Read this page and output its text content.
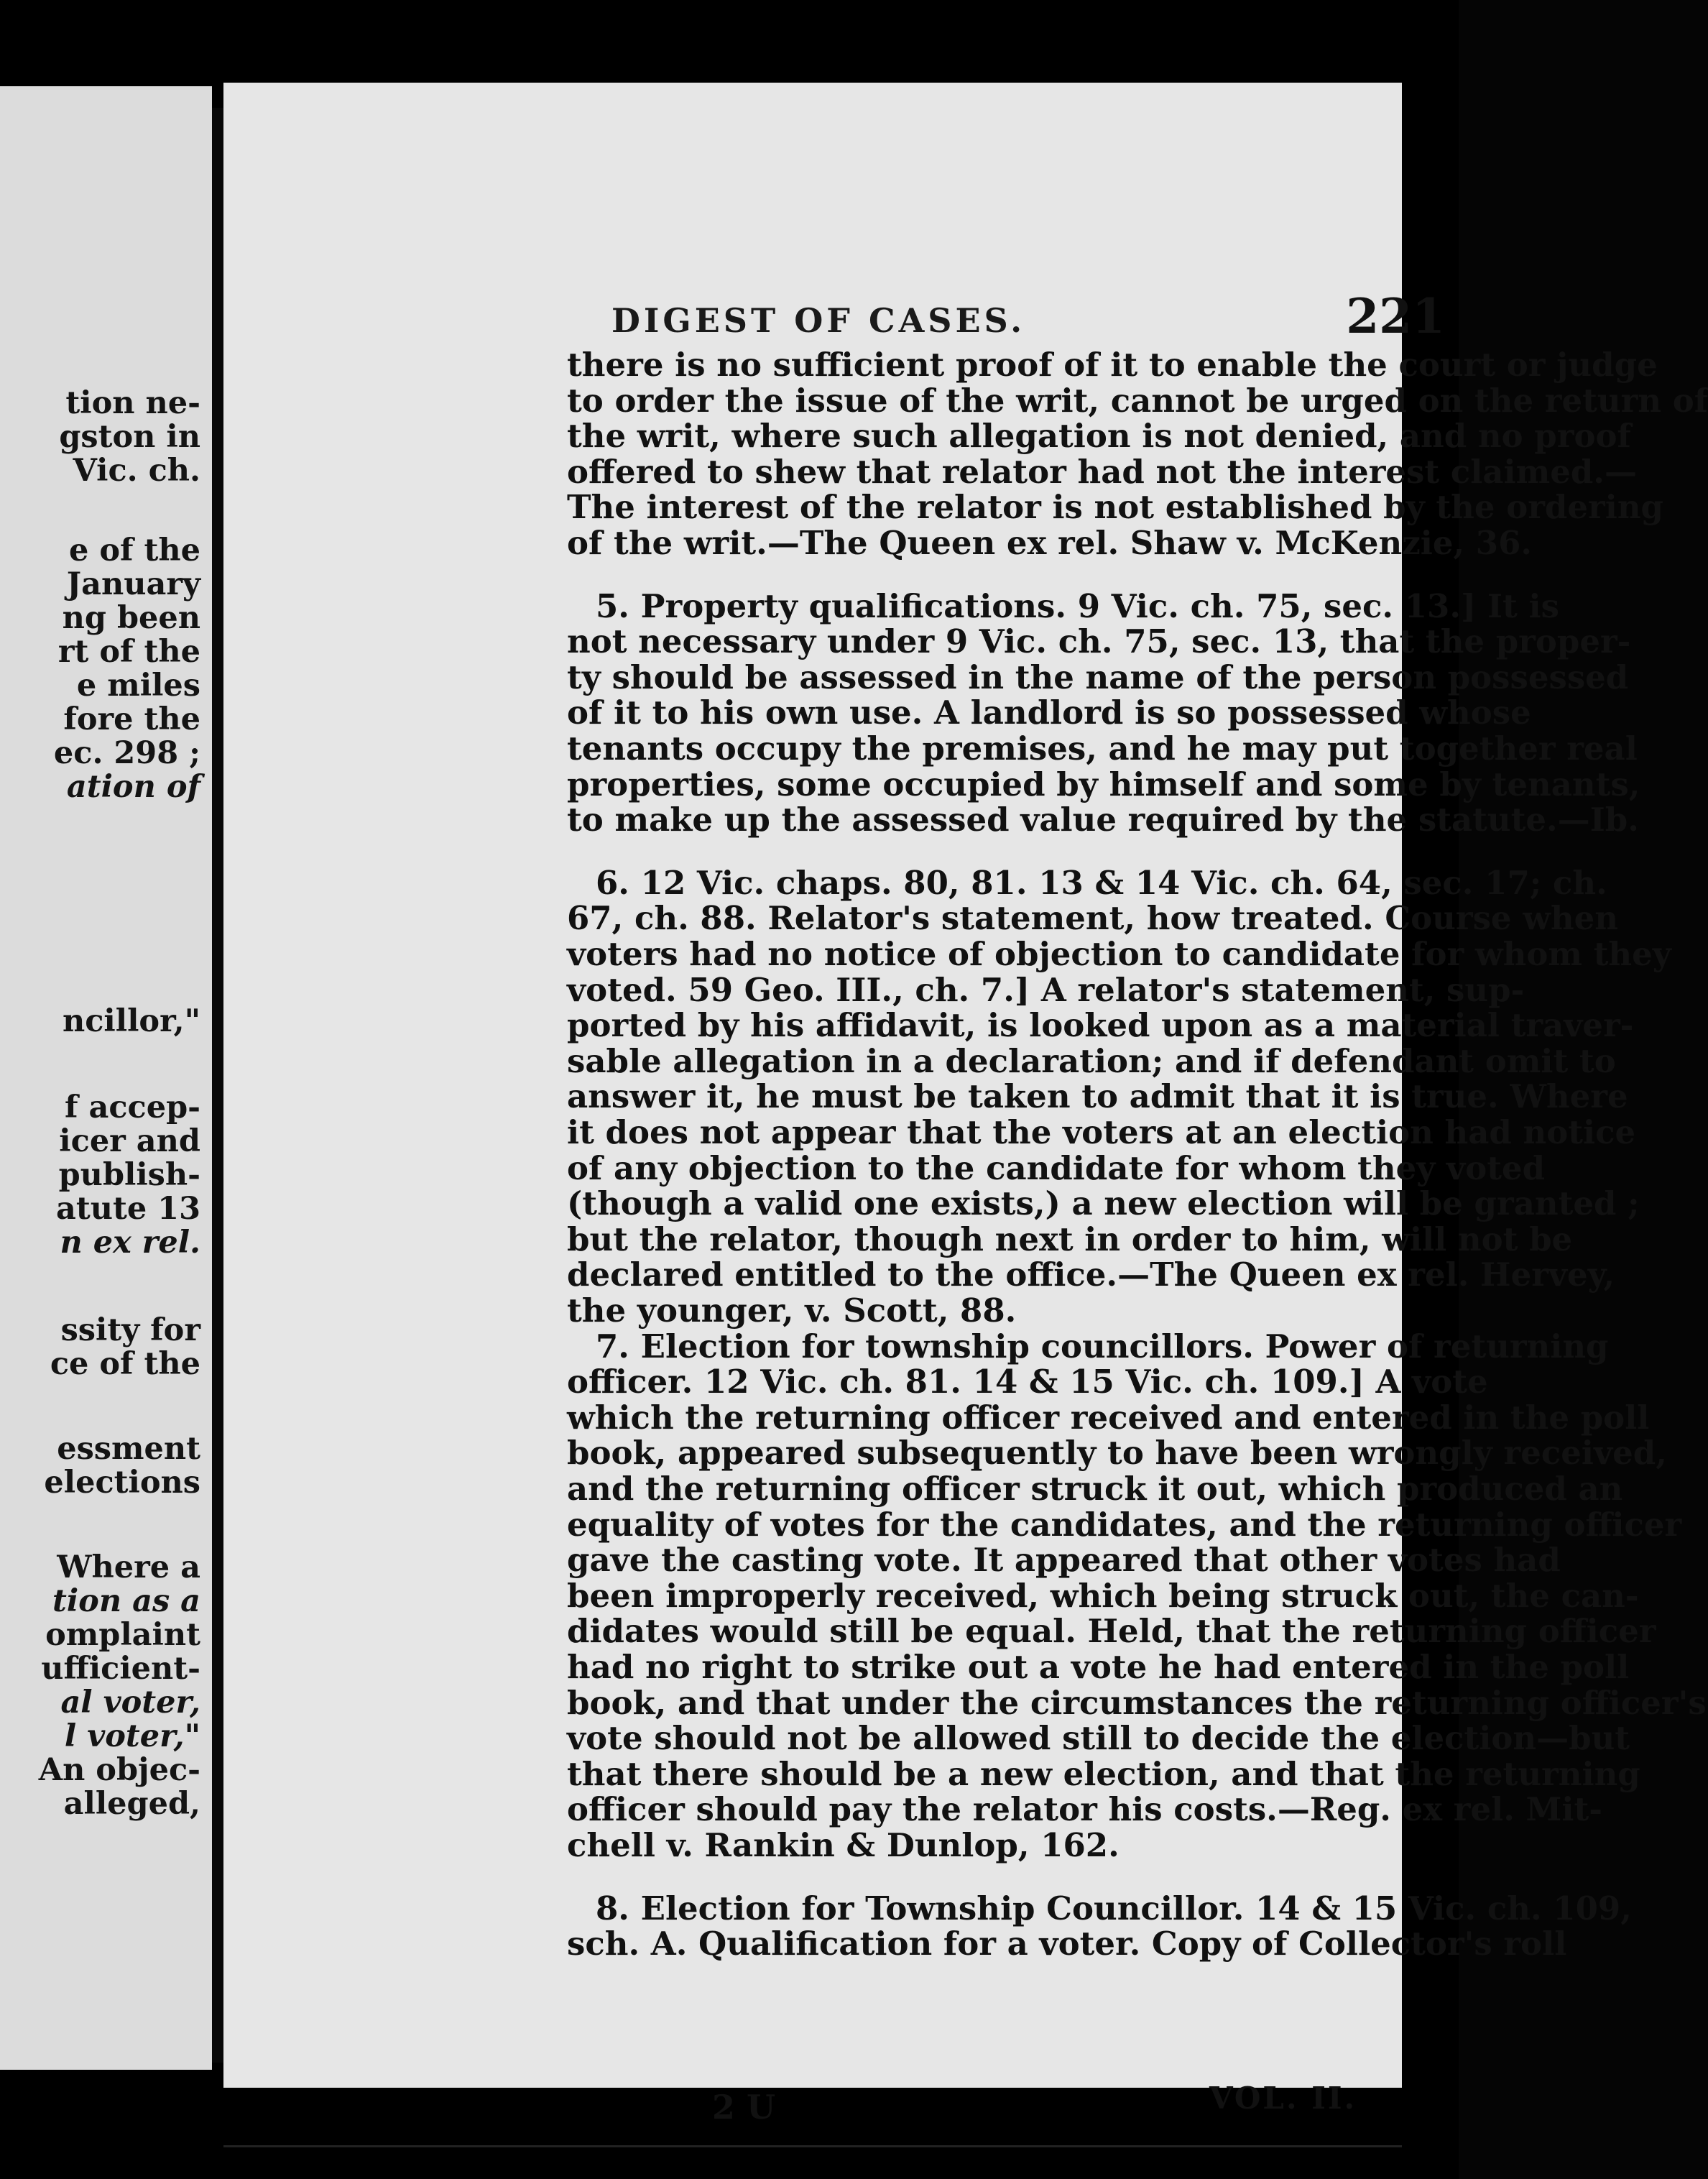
tion ne-
gston in
Vic. ch.
e of the
January
ng been
rt of the
e miles
fore the
ec. 298 ;
ation of
ncillor,"
f accep-
icer and
publish-
atute 13
n ex rel.
ssity for
ce of the
essment
elections
Where a
tion as a
omplaint
ufficient-
al voter,
l voter,"
An objec-
alleged,
DIGEST OF CASES.	221
there is no sufficient proof of it to enable the court or judge
to order the issue of the writ, cannot be urged on the return of
the writ, where such allegation is not denied, and no proof
offered to shew that relator had not the interest claimed.—
The interest of the relator is not established by the ordering
of the writ.—The Queen ex rel. Shaw v. McKenzie, 36.
5. Property qualifications. 9 Vic. ch. 75, sec. 13.] It is
not necessary under 9 Vic. ch. 75, sec. 13, that the proper-
ty should be assessed in the name of the person possessed
of it to his own use. A landlord is so possessed whose
tenants occupy the premises, and he may put together real
properties, some occupied by himself and some by tenants,
to make up the assessed value required by the statute.—Ib.
6. 12 Vic. chaps. 80, 81. 13 & 14 Vic. ch. 64, sec. 17; ch.
67, ch. 88. Relator's statement, how treated. Course when
voters had no notice of objection to candidate for whom they
voted. 59 Geo. III., ch. 7.] A relator's statement, sup-
ported by his affidavit, is looked upon as a material traver-
sable allegation in a declaration; and if defendant omit to
answer it, he must be taken to admit that it is true. Where
it does not appear that the voters at an election had notice
of any objection to the candidate for whom they voted
(though a valid one exists,) a new election will be granted ;
but the relator, though next in order to him, will not be
declared entitled to the office.—The Queen ex rel. Hervey,
the younger, v. Scott, 88.
7. Election for township councillors. Power of returning
officer. 12 Vic. ch. 81. 14 & 15 Vic. ch. 109.] A vote
which the returning officer received and entered in the poll
book, appeared subsequently to have been wrongly received,
and the returning officer struck it out, which produced an
equality of votes for the candidates, and the returning officer
gave the casting vote. It appeared that other votes had
been improperly received, which being struck out, the can-
didates would still be equal. Held, that the returning officer
had no right to strike out a vote he had entered in the poll
book, and that under the circumstances the returning officer's
vote should not be allowed still to decide the election—but
that there should be a new election, and that the returning
officer should pay the relator his costs.—Reg. ex rel. Mit-
chell v. Rankin & Dunlop, 162.
8. Election for Township Councillor. 14 & 15 Vic. ch. 109,
sch. A. Qualification for a voter. Copy of Collector's roll
2 U	VOL. II.
